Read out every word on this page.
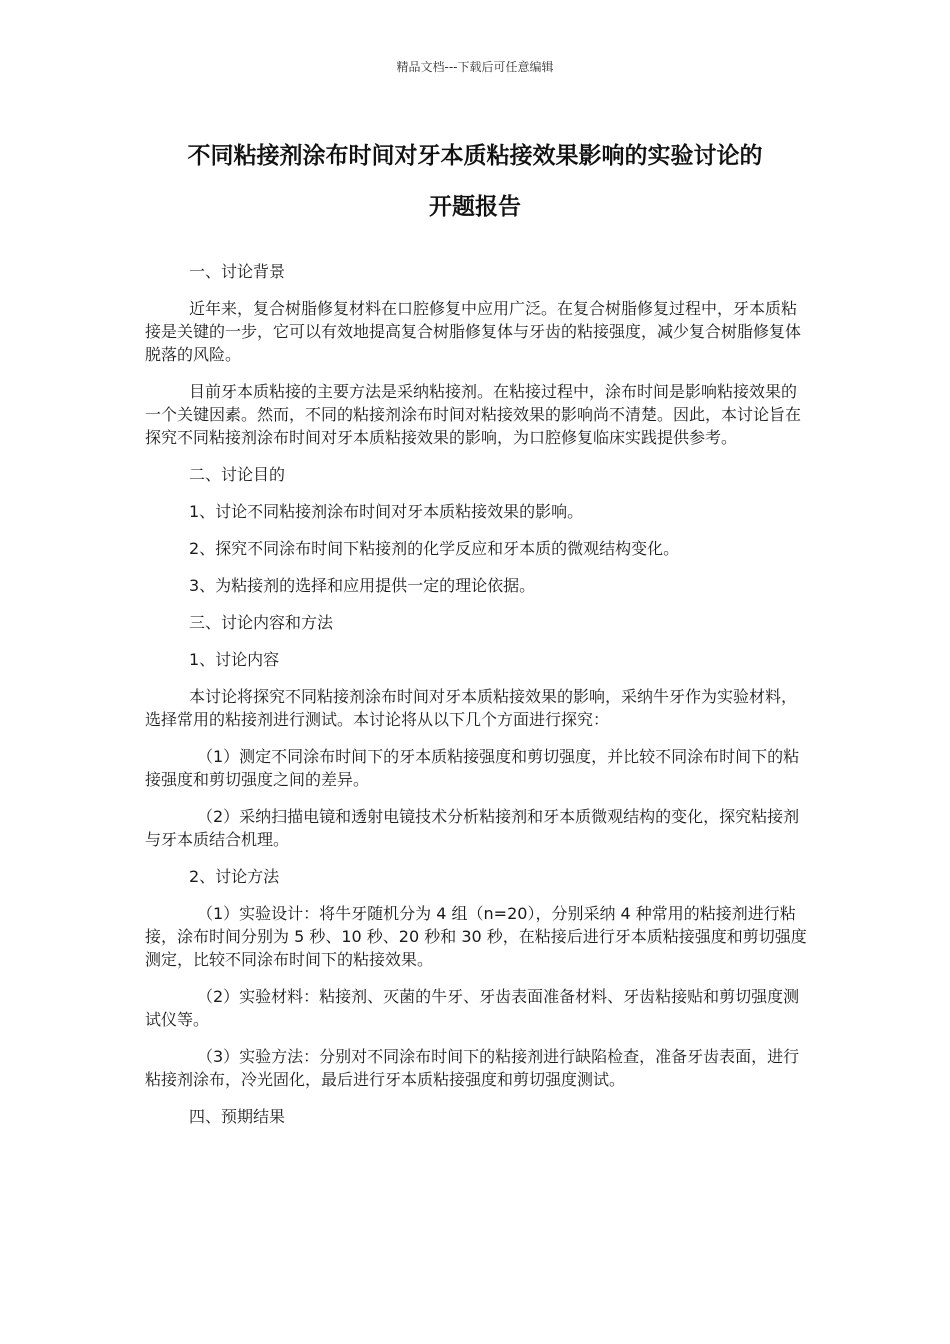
精品文档---下载后可任意编辑
不同粘接剂涂布时间对牙本质粘接效果影响的实验讨论的
开题报告

一、讨论背景

近年来，复合树脂修复材料在口腔修复中应用广泛。在复合树脂修复过程中，牙本质粘接是关键的一步，它可以有效地提高复合树脂修复体与牙齿的粘接强度，减少复合树脂修复体脱落的风险。

目前牙本质粘接的主要方法是采纳粘接剂。在粘接过程中，涂布时间是影响粘接效果的一个关键因素。然而，不同的粘接剂涂布时间对粘接效果的影响尚不清楚。因此，本讨论旨在探究不同粘接剂涂布时间对牙本质粘接效果的影响，为口腔修复临床实践提供参考。

二、讨论目的

1、讨论不同粘接剂涂布时间对牙本质粘接效果的影响。

2、探究不同涂布时间下粘接剂的化学反应和牙本质的微观结构变化。

3、为粘接剂的选择和应用提供一定的理论依据。

三、讨论内容和方法

1、讨论内容

本讨论将探究不同粘接剂涂布时间对牙本质粘接效果的影响，采纳牛牙作为实验材料，选择常用的粘接剂进行测试。本讨论将从以下几个方面进行探究：

（1）测定不同涂布时间下的牙本质粘接强度和剪切强度，并比较不同涂布时间下的粘接强度和剪切强度之间的差异。

（2）采纳扫描电镜和透射电镜技术分析粘接剂和牙本质微观结构的变化，探究粘接剂与牙本质结合机理。

2、讨论方法

（1）实验设计：将牛牙随机分为 4 组（n=20），分别采纳 4 种常用的粘接剂进行粘接，涂布时间分别为 5 秒、10 秒、20 秒和 30 秒，在粘接后进行牙本质粘接强度和剪切强度测定，比较不同涂布时间下的粘接效果。

（2）实验材料：粘接剂、灭菌的牛牙、牙齿表面准备材料、牙齿粘接贴和剪切强度测试仪等。

（3）实验方法：分别对不同涂布时间下的粘接剂进行缺陷检查，准备牙齿表面，进行粘接剂涂布，冷光固化，最后进行牙本质粘接强度和剪切强度测试。

四、预期结果
